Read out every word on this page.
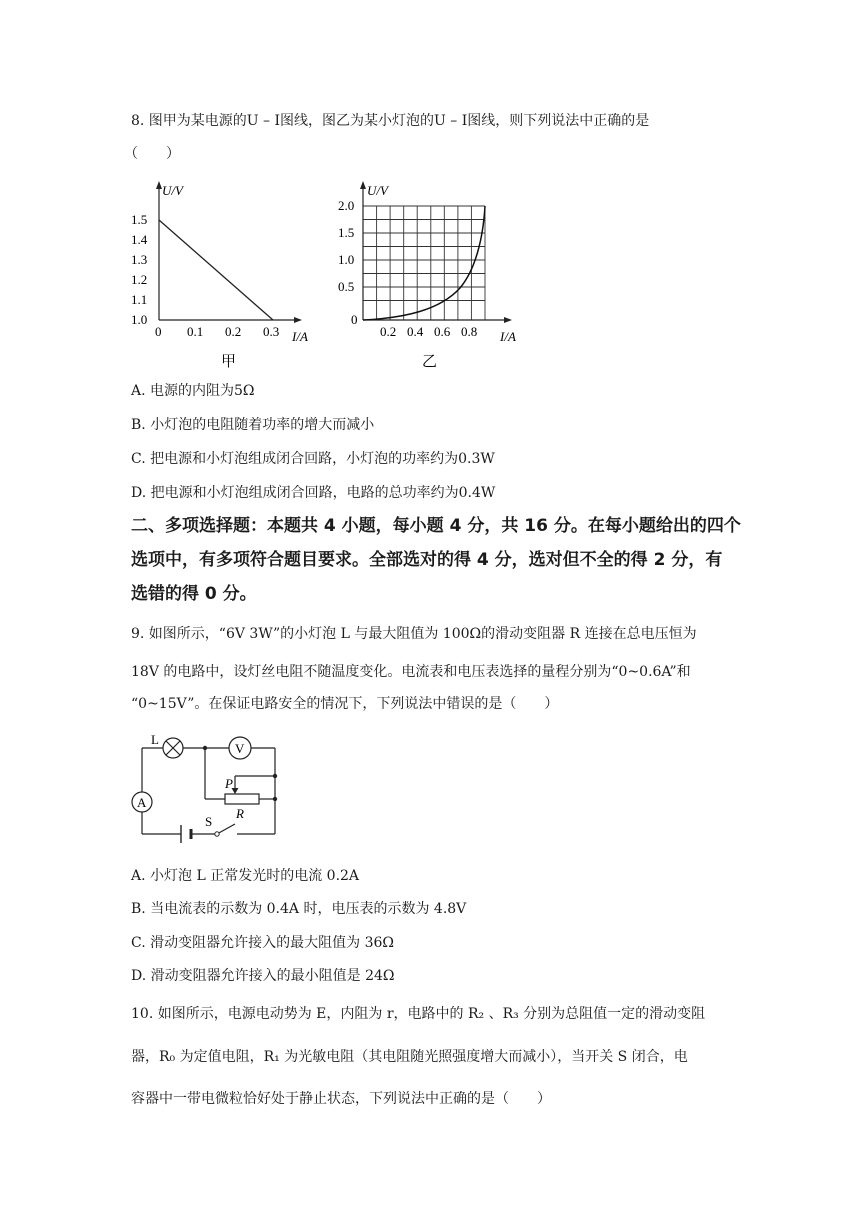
8. 图甲为某电源的U – I图线，图乙为某小灯泡的U – I图线，则下列说法中正确的是
（　　）
U/V
I/A
1.5
1.4
1.3
1.2
1.1
1.0
0 0.1 0.2 0.3
甲
U/V
I/A
2.0
1.5
1.0
0.5
0
0.2 0.4 0.6 0.8
乙
A. 电源的内阻为5Ω
B. 小灯泡的电阻随着功率的增大而减小
C. 把电源和小灯泡组成闭合回路，小灯泡的功率约为0.3W
D. 把电源和小灯泡组成闭合回路，电路的总功率约为0.4W
二、多项选择题：本题共 4 小题，每小题 4 分，共 16 分。在每小题给出的四个
选项中，有多项符合题目要求。全部选对的得 4 分，选对但不全的得 2 分，有
选错的得 0 分。
9. 如图所示，“6V 3W”的小灯泡 L 与最大阻值为 100Ω的滑动变阻器 R 连接在总电压恒为
18V 的电路中，设灯丝电阻不随温度变化。电流表和电压表选择的量程分别为“0~0.6A”和
“0~15V”。在保证电路安全的情况下，下列说法中错误的是（　　）
L
V
A
P
R
S
A. 小灯泡 L 正常发光时的电流 0.2A
B. 当电流表的示数为 0.4A 时，电压表的示数为 4.8V
C. 滑动变阻器允许接入的最大阻值为 36Ω
D. 滑动变阻器允许接入的最小阻值是 24Ω
10. 如图所示，电源电动势为 E，内阻为 r，电路中的 R₂ 、R₃ 分别为总阻值一定的滑动变阻
器，R₀ 为定值电阻，R₁ 为光敏电阻（其电阻随光照强度增大而减小），当开关 S 闭合，电
容器中一带电微粒恰好处于静止状态，下列说法中正确的是（　　）
